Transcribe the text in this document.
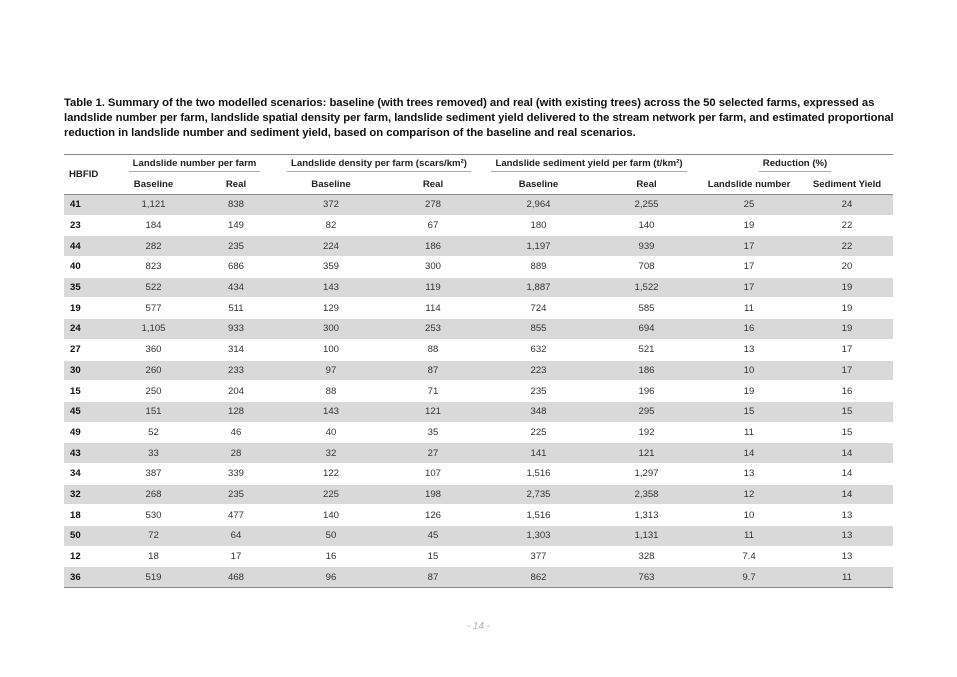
Table 1. Summary of the two modelled scenarios: baseline (with trees removed) and real (with existing trees) across the 50 selected farms, expressed as landslide number per farm, landslide spatial density per farm, landslide sediment yield delivered to the stream network per farm, and estimated proportional reduction in landslide number and sediment yield, based on comparison of the baseline and real scenarios.
HBFID	Landslide number per farm		Landslide density per farm (scars/km²)		Landslide sediment yield per farm (t/km²)		Reduction (%)	
	Baseline	Real	Baseline	Real	Baseline	Real	Landslide number	Sediment Yield
41	1,121	838	372	278	2,964	2,255	25	24
23	184	149	82	67	180	140	19	22
44	282	235	224	186	1,197	939	17	22
40	823	686	359	300	889	708	17	20
35	522	434	143	119	1,887	1,522	17	19
19	577	511	129	114	724	585	11	19
24	1,105	933	300	253	855	694	16	19
27	360	314	100	88	632	521	13	17
30	260	233	97	87	223	186	10	17
15	250	204	88	71	235	196	19	16
45	151	128	143	121	348	295	15	15
49	52	46	40	35	225	192	11	15
43	33	28	32	27	141	121	14	14
34	387	339	122	107	1,516	1,297	13	14
32	268	235	225	198	2,735	2,358	12	14
18	530	477	140	126	1,516	1,313	10	13
50	72	64	50	45	1,303	1,131	11	13
12	18	17	16	15	377	328	7.4	13
36	519	468	96	87	862	763	9.7	11
- 14 -
